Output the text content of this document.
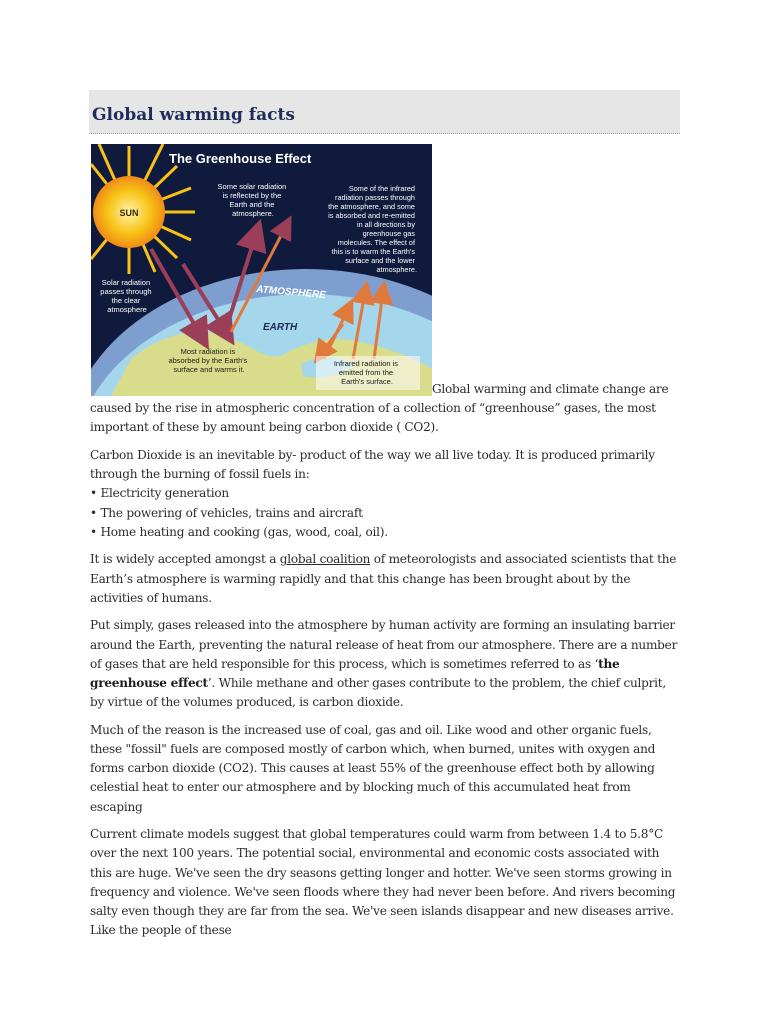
Global warming facts
SUN
The Greenhouse Effect
ATMOSPHERE
EARTH
Some solar radiation is reflected by the Earth and the atmosphere.
Some of the infrared radiation passes through the atmosphere, and some is absorbed and re-emitted in all directions by greenhouse gas molecules. The effect of this is to warm the Earth's surface and the lower atmosphere.
Solar radiation passes through the clear atmosphere
Most radiation is absorbed by the Earth's surface and warms it.
Infrared radiation is emitted from the Earth's surface.

Global warming and climate change are caused by the rise in atmospheric concentration of a collection of “greenhouse” gases, the most important of these by amount being carbon dioxide ( CO2).

Carbon Dioxide is an inevitable by- product of the way we all live today. It is produced primarily through the burning of fossil fuels in:
• Electricity generation
• The powering of vehicles, trains and aircraft
• Home heating and cooking (gas, wood, coal, oil).

It is widely accepted amongst a global coalition of meteorologists and associated scientists that the Earth’s atmosphere is warming rapidly and that this change has been brought about by the activities of humans.

Put simply, gases released into the atmosphere by human activity are forming an insulating barrier around the Earth, preventing the natural release of heat from our atmosphere. There are a number of gases that are held responsible for this process, which is sometimes referred to as ‘the greenhouse effect’. While methane and other gases contribute to the problem, the chief culprit, by virtue of the volumes produced, is carbon dioxide.

Much of the reason is the increased use of coal, gas and oil. Like wood and other organic fuels, these "fossil" fuels are composed mostly of carbon which, when burned, unites with oxygen and forms carbon dioxide (CO2). This causes at least 55% of the greenhouse effect both by allowing celestial heat to enter our atmosphere and by blocking much of this accumulated heat from escaping

Current climate models suggest that global temperatures could warm from between 1.4 to 5.8°C over the next 100 years. The potential social, environmental and economic costs associated with this are huge. We've seen the dry seasons getting longer and hotter. We've seen storms growing in frequency and violence. We've seen floods where they had never been before. And rivers becoming salty even though they are far from the sea. We've seen islands disappear and new diseases arrive. Like the people of these
